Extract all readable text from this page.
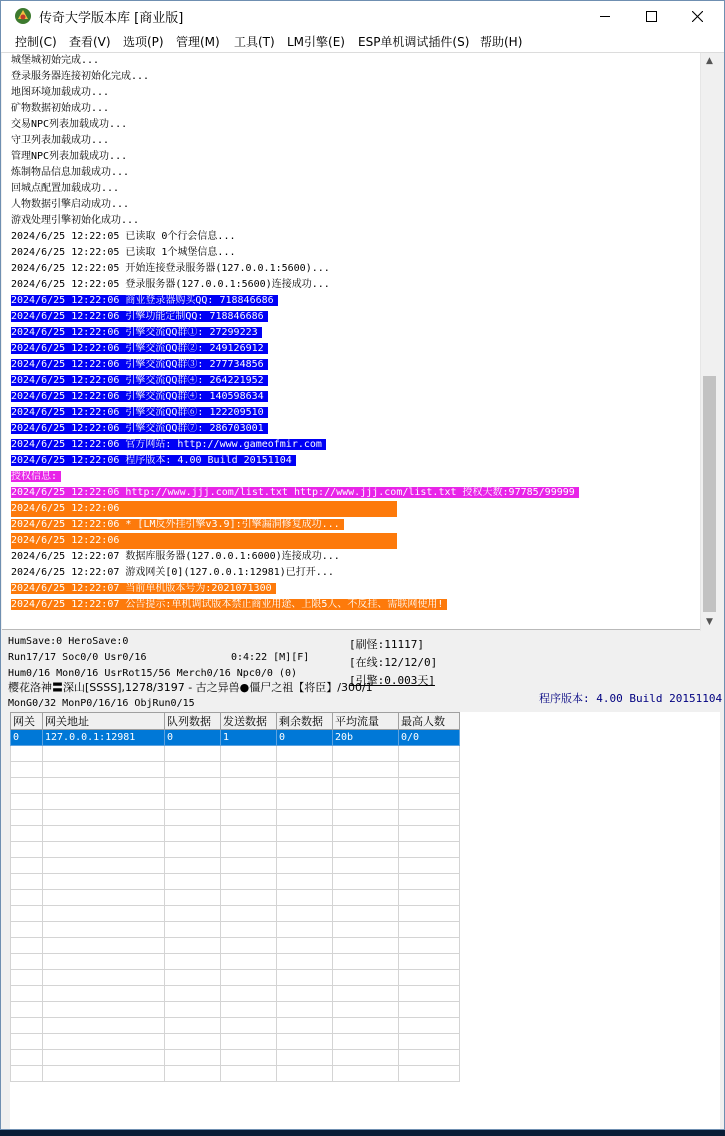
传奇大学版本库 [商业版]
控制(C) 查看(V) 选项(P) 管理(M) 工具(T) LM引擎(E) ESP单机调试插件(S) 帮助(H)
城堡城初始完成...
登录服务器连接初始化完成...
地图环境加载成功...
矿物数据初始成功...
交易NPC列表加载成功...
守卫列表加载成功...
管理NPC列表加载成功...
炼制物品信息加载成功...
回城点配置加载成功...
人物数据引擎启动成功...
游戏处理引擎初始化成功...
2024/6/25 12:22:05 已读取 0个行会信息...
2024/6/25 12:22:05 已读取 1个城堡信息...
2024/6/25 12:22:05 开始连接登录服务器(127.0.0.1:5600)...
2024/6/25 12:22:05 登录服务器(127.0.0.1:5600)连接成功...
2024/6/25 12:22:06 商业登录器购买QQ: 718846686
2024/6/25 12:22:06 引擎功能定制QQ: 718846686
2024/6/25 12:22:06 引擎交流QQ群①: 27299223
2024/6/25 12:22:06 引擎交流QQ群②: 249126912
2024/6/25 12:22:06 引擎交流QQ群③: 277734856
2024/6/25 12:22:06 引擎交流QQ群④: 264221952
2024/6/25 12:22:06 引擎交流QQ群④: 140598634
2024/6/25 12:22:06 引擎交流QQ群⑥: 122209510
2024/6/25 12:22:06 引擎交流QQ群⑦: 286703001
2024/6/25 12:22:06 官方网站: http://www.gameofmir.com
2024/6/25 12:22:06 程序版本: 4.00 Build 20151104
授权信息:
2024/6/25 12:22:06 http://www.jjj.com/list.txt http://www.jjj.com/list.txt 授权天数:97785/99999
2024/6/25 12:22:06
2024/6/25 12:22:06 * [LM反外挂引擎v3.9]:引擎漏洞修复成功...
2024/6/25 12:22:06
2024/6/25 12:22:07 数据库服务器(127.0.0.1:6000)连接成功...
2024/6/25 12:22:07 游戏网关[0](127.0.0.1:12981)已打开...
2024/6/25 12:22:07 当前单机版本号为:2021071300
2024/6/25 12:22:07 公告提示:单机调试版本禁止商业用途、上限5人、不反挂、需联网使用!
▲
▼
HumSave:0 HeroSave:0
Run17/17 Soc0/0 Usr0/16	0:4:22 [M][F]
Hum0/16 Mon0/16 UsrRot15/56 Merch0/16 Npc0/0 (0)
樱花洛神〓深山[SSSS],1278/3197 - 古之异兽●僵尸之祖【将臣】/300/1
MonG0/32 MonP0/16/16 ObjRun0/15
[刷怪:11117]
[在线:12/12/0]
[引擎:0.003天]
程序版本: 4.00 Build 20151104
网关	网关地址	队列数据	发送数据	剩余数据	平均流量	最高人数
0	127.0.0.1:12981	0	1	0	20b	0/0
